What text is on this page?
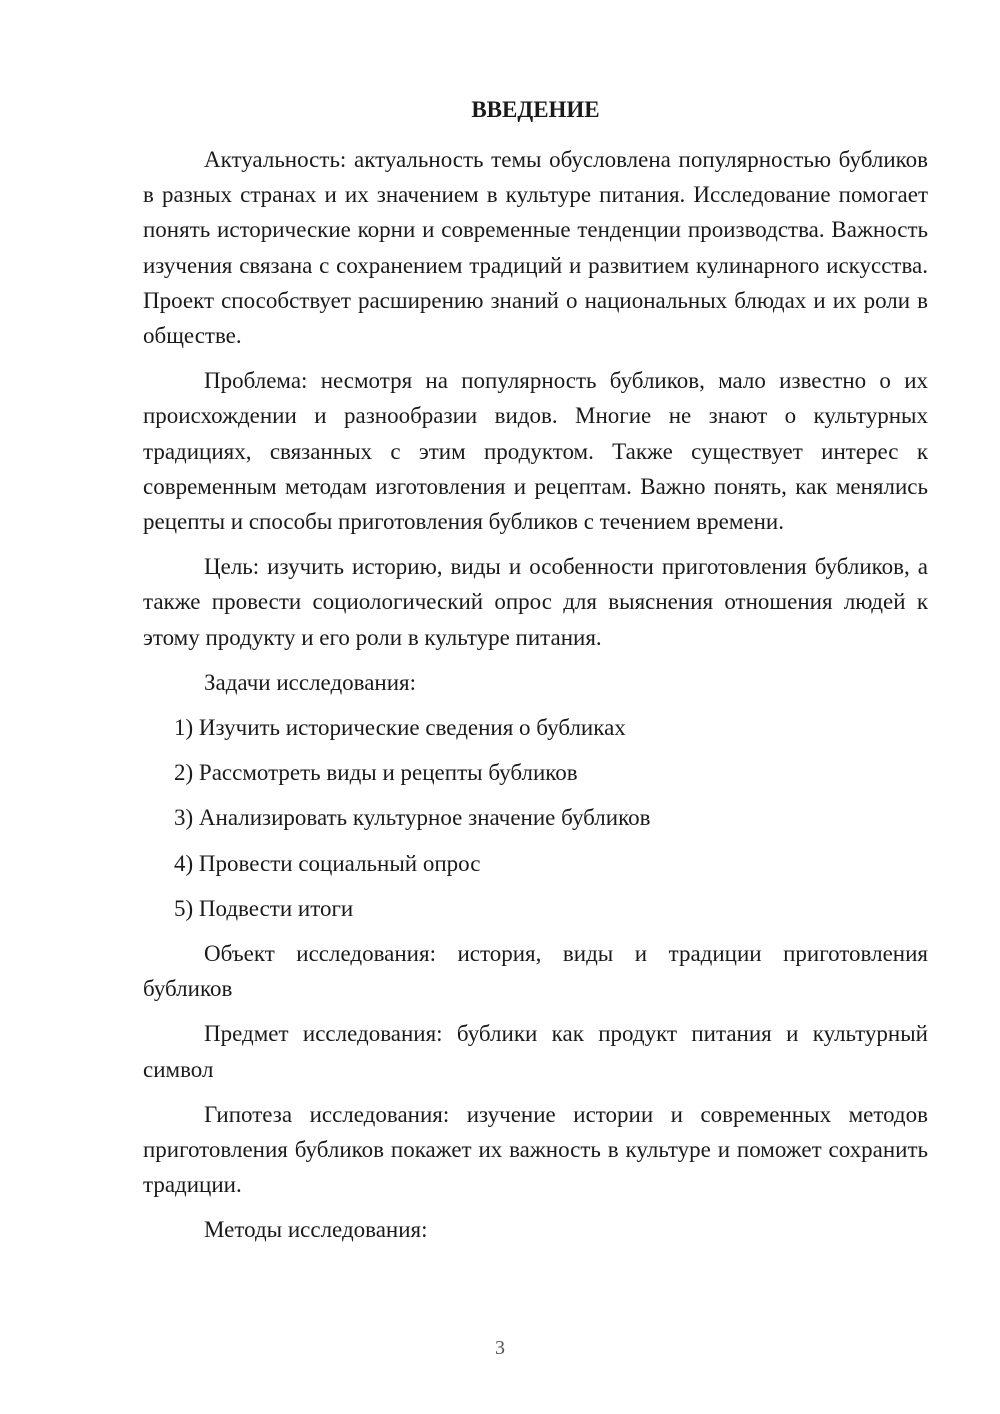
ВВЕДЕНИЕ

Актуальность: актуальность темы обусловлена популярностью бубликов в разных странах и их значением в культуре питания. Исследование помогает понять исторические корни и современные тенденции производства. Важность изучения связана с сохранением традиций и развитием кулинарного искусства. Проект способствует расширению знаний о национальных блюдах и их роли в обществе.

Проблема: несмотря на популярность бубликов, мало известно о их происхождении и разнообразии видов. Многие не знают о культурных традициях, связанных с этим продуктом. Также существует интерес к современным методам изготовления и рецептам. Важно понять, как менялись рецепты и способы приготовления бубликов с течением времени.

Цель: изучить историю, виды и особенности приготовления бубликов, а также провести социологический опрос для выяснения отношения людей к этому продукту и его роли в культуре питания.

Задачи исследования:

1) Изучить исторические сведения о бубликах

2) Рассмотреть виды и рецепты бубликов

3) Анализировать культурное значение бубликов

4) Провести социальный опрос

5) Подвести итоги

Объект исследования: история, виды и традиции приготовления бубликов

Предмет исследования: бублики как продукт питания и культурный символ

Гипотеза исследования: изучение истории и современных методов приготовления бубликов покажет их важность в культуре и поможет сохранить традиции.

Методы исследования:

3
